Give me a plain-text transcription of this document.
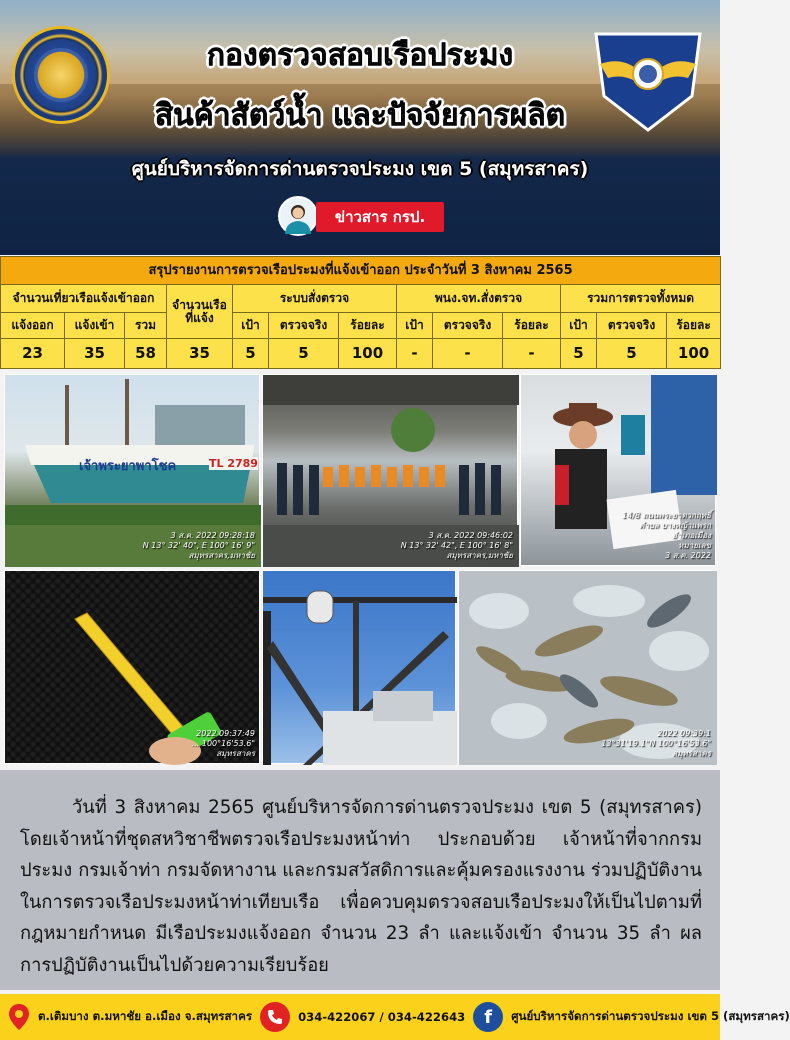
กองตรวจสอบเรือประมง
สินค้าสัตว์น้ำ และปัจจัยการผลิต
ศูนย์บริหารจัดการด่านตรวจประมง เขต 5 (สมุทรสาคร)
ข่าวสาร กรป.
สรุปรายงานการตรวจเรือประมงที่แจ้งเข้าออก ประจำวันที่ 3 สิงหาคม 2565												
จำนวนเที่ยวเรือแจ้งเข้าออก			จำนวนเรือที่แจ้ง	ระบบสั่งตรวจ			พนง.จท.สั่งตรวจ			รวมการตรวจทั้งหมด		
แจ้งออก	แจ้งเข้า	รวม		เป้า	ตรวจจริง	ร้อยละ	เป้า	ตรวจจริง	ร้อยละ	เป้า	ตรวจจริง	ร้อยละ
23	35	58	35	5	5	100	-	-	-	5	5	100
เจ้าพระยาพาโชค	TL 2789
3 ส.ค. 2022 09:28:18
N 13° 32' 40", E 100° 16' 9"
สมุทรสาคร,มหาชัย
3 ส.ค. 2022 09:46:02
N 13° 32' 42", E 100° 16' 8"
สมุทรสาคร,มหาชัย
14/8 ถนนพระยาตวกฤทธิ์
ตำบล บางหญ้าแพรก
อำเภอเมือง
หมายเลข
3 ส.ค. 2022
2022 09:37:49
... 100°16'53.6"
สมุทรสาคร
2022 09:39:1
13°31'19.1"N 100°16'53.6"
สมุทรสาคร

วันที่ 3 สิงหาคม 2565 ศูนย์บริหารจัดการด่านตรวจประมง เขต 5 (สมุทรสาคร) โดยเจ้าหน้าที่ชุดสหวิชาชีพตรวจเรือประมงหน้าท่า ประกอบด้วย เจ้าหน้าที่จากกรมประมง กรมเจ้าท่า กรมจัดหางาน และกรมสวัสดิการและคุ้มครองแรงงาน ร่วมปฏิบัติงานในการตรวจเรือประมงหน้าท่าเทียบเรือ เพื่อควบคุมตรวจสอบเรือประมงให้เป็นไปตามที่กฎหมายกำหนด มีเรือประมงแจ้งออก จำนวน 23 ลำ และแจ้งเข้า จำนวน 35 ลำ ผลการปฏิบัติงานเป็นไปด้วยความเรียบร้อย

ต.เติมบาง ต.มหาชัย อ.เมือง จ.สมุทรสาคร	034-422067 / 034-422643	f	ศูนย์บริหารจัดการด่านตรวจประมง เขต 5 (สมุทรสาคร)
